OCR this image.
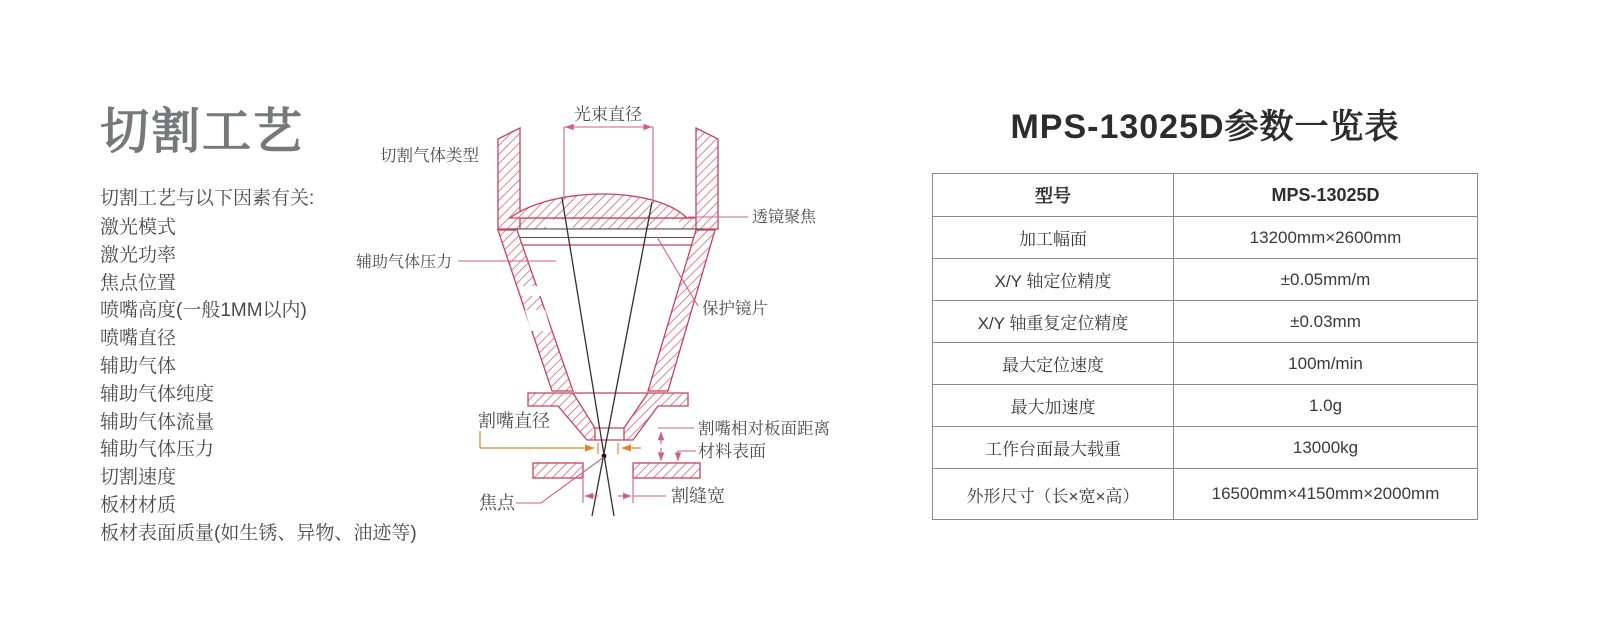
切割工艺
切割工艺与以下因素有关:
激光模式
激光功率
焦点位置
喷嘴高度(一般1MM以内)
喷嘴直径
辅助气体
辅助气体纯度
辅助气体流量
辅助气体压力
切割速度
板材材质
板材表面质量(如生锈、异物、油迹等)
光束直径
切割气体类型
透镜聚焦
辅助气体压力
保护镜片
割嘴直径	割嘴相对板面距离
材料表面
焦点	割缝宽
MPS-13025D参数一览表
型号	MPS-13025D
加工幅面	13200mm×2600mm
X/Y 轴定位精度	±0.05mm/m
X/Y 轴重复定位精度	±0.03mm
最大定位速度	100m/min
最大加速度	1.0g
工作台面最大载重	13000kg
外形尺寸（长×宽×高）	16500mm×4150mm×2000mm
